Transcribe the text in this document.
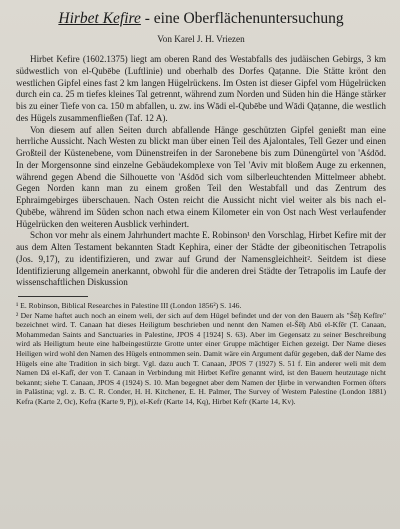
Hirbet Kefire - eine Oberflächenuntersuchung
Von Karel J. H. Vriezen

Hirbet Kefire (1602.1375) liegt am oberen Rand des Westabfalls des judäischen Gebirgs, 3 km südwestlich von el-Qubēbe (Luftlinie) und oberhalb des Dorfes Qaṭanne. Die Stätte krönt den westlichen Gipfel eines fast 2 km langen Hügelrückens. Im Osten ist dieser Gipfel vom Hügelrücken durch ein ca. 25 m tiefes kleines Tal getrennt, während zum Norden und Süden hin die Hänge stärker bis zu einer Tiefe von ca. 150 m abfallen, u. zw. ins Wādi el-Qubēbe und Wādi Qaṭanne, die westlich des Hügels zusammenfließen (Taf. 12 A).

Von diesem auf allen Seiten durch abfallende Hänge geschützten Gipfel genießt man eine herrliche Aussicht. Nach Westen zu blickt man über einen Teil des Ajalontales, Tell Gezer und einen Großteil der Küstenebene, vom Dünenstreifen in der Saronebene bis zum Dünengürtel von 'Aśdōd. In der Morgensonne sind einzelne Gebäudekomplexe von Tel 'Aviv mit bloßem Auge zu erkennen, während gegen Abend die Silhouette von 'Aśdōd sich vom silberleuchtenden Mittelmeer abhebt. Gegen Norden kann man zu einem großen Teil den Westabfall und das Zentrum des Ephraimgebirges überschauen. Nach Osten reicht die Aussicht nicht viel weiter als bis nach el-Qubēbe, während im Süden schon nach etwa einem Kilometer ein von Ost nach West verlaufender Hügelrücken den weiteren Ausblick verhindert.

Schon vor mehr als einem Jahrhundert machte E. Robinson¹ den Vorschlag, Hirbet Kefire mit der aus dem Alten Testament bekannten Stadt Kephira, einer der Städte der gibeonitischen Tetrapolis (Jos. 9,17), zu identifizieren, und zwar auf Grund der Namensgleichheit². Seitdem ist diese Identifizierung allgemein anerkannt, obwohl für die anderen drei Städte der Tetrapolis im Laufe der wissenschaftlichen Diskussion

¹ E. Robinson, Biblical Researches in Palestine III (London 1856²) S. 146.

² Der Name haftet auch noch an einem weli, der sich auf dem Hügel befindet und der von den Bauern als "Šēḫ Kefīre" bezeichnet wird. T. Canaan hat dieses Heiligtum beschrieben und nennt den Namen el-Šēḫ Abū el-Kfēr (T. Canaan, Mohammedan Saints and Sanctuaries in Palestine, JPOS 4 [1924] S. 63). Aber im Gegensatz zu seiner Beschreibung wird als Heiligtum heute eine halbeingestürzte Grotte unter einer Gruppe mächtiger Eichen gezeigt. Der Name dieses Heiligen wird wohl den Namen des Hügels entnommen sein. Damit wäre ein Argument dafür gegeben, daß der Name des Hügels eine alte Tradition in sich birgt. Vgl. dazu auch T. Canaan, JPOS 7 (1927) S. 51 f. Ein anderer weli mit dem Namen Dā el-Kafī, der von T. Canaan in Verbindung mit Hirbet Kefīre genannt wird, ist den Bauern heutzutage nicht bekannt; siehe T. Canaan, JPOS 4 (1924) S. 10. Man begegnet aber dem Namen der Ḫirbe in verwandten Formen öfters in Palästina; vgl. z. B. C. R. Conder, H. H. Kitchener, E. H. Palmer, The Survey of Western Palestine (London 1881) Kefra (Karte 2, Oc), Kefra (Karte 9, Pj), el-Kefr (Karte 14, Kq), Hirbet Kefr (Karte 14, Kv).
